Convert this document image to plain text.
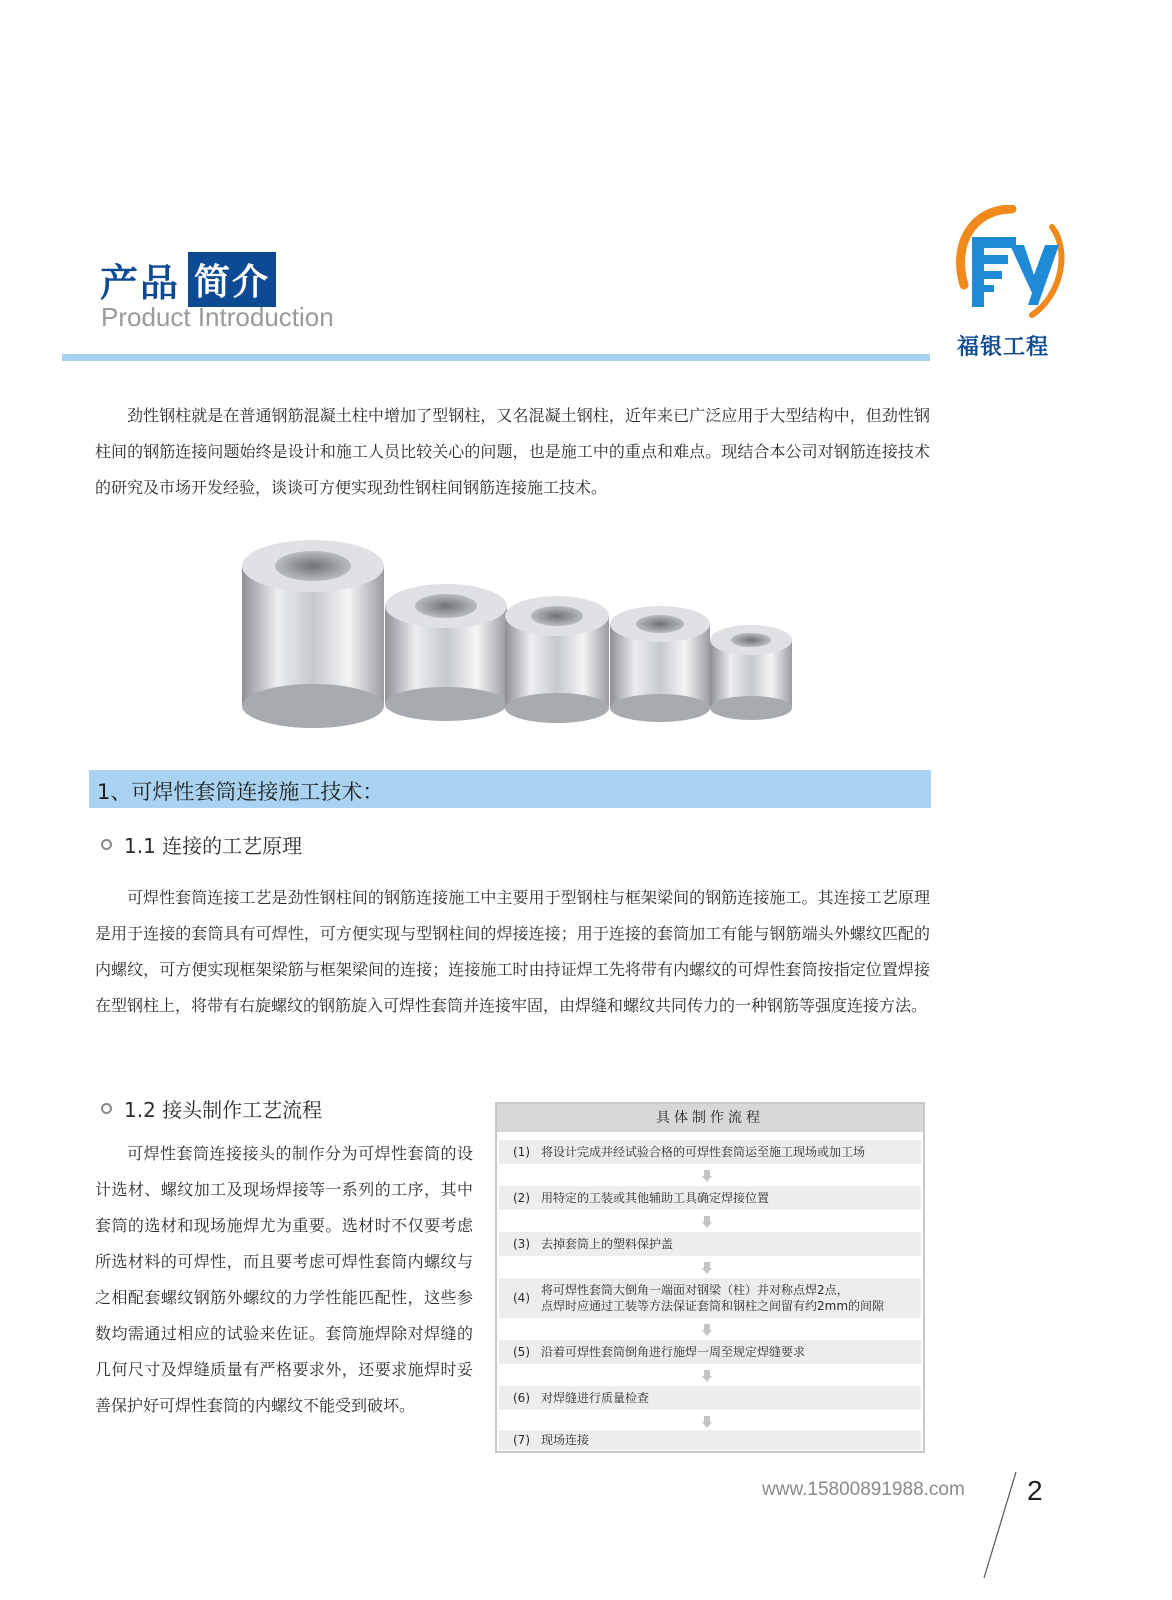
产品 简介
Product Introduction
福银工程

劲性钢柱就是在普通钢筋混凝土柱中增加了型钢柱，又名混凝土钢柱，近年来已广泛应用于大型结构中，但劲性钢柱间的钢筋连接问题始终是设计和施工人员比较关心的问题，也是施工中的重点和难点。现结合本公司对钢筋连接技术的研究及市场开发经验，谈谈可方便实现劲性钢柱间钢筋连接施工技术。

1、可焊性套筒连接施工技术：
1.1 连接的工艺原理

可焊性套筒连接工艺是劲性钢柱间的钢筋连接施工中主要用于型钢柱与框架梁间的钢筋连接施工。其连接工艺原理是用于连接的套筒具有可焊性，可方便实现与型钢柱间的焊接连接；用于连接的套筒加工有能与钢筋端头外螺纹匹配的内螺纹，可方便实现框架梁筋与框架梁间的连接；连接施工时由持证焊工先将带有内螺纹的可焊性套筒按指定位置焊接在型钢柱上，将带有右旋螺纹的钢筋旋入可焊性套筒并连接牢固，由焊缝和螺纹共同传力的一种钢筋等强度连接方法。

1.2 接头制作工艺流程

可焊性套筒连接接头的制作分为可焊性套筒的设计选材、螺纹加工及现场焊接等一系列的工序，其中套筒的选材和现场施焊尤为重要。选材时不仅要考虑所选材料的可焊性，而且要考虑可焊性套筒内螺纹与之相配套螺纹钢筋外螺纹的力学性能匹配性，这些参数均需通过相应的试验来佐证。套筒施焊除对焊缝的几何尺寸及焊缝质量有严格要求外，还要求施焊时妥善保护好可焊性套筒的内螺纹不能受到破坏。

具体制作流程
(1) 将设计完成并经试验合格的可焊性套筒运至施工现场或加工场
(2) 用特定的工装或其他辅助工具确定焊接位置
(3) 去掉套筒上的塑料保护盖
(4)
将可焊性套筒大倒角一端面对钢梁（柱）并对称点焊2点，
点焊时应通过工装等方法保证套筒和钢柱之间留有约2mm的间隙
(5) 沿着可焊性套筒倒角进行施焊一周至规定焊缝要求
(6) 对焊缝进行质量检查
(7) 现场连接
www.15800891988.com 2
